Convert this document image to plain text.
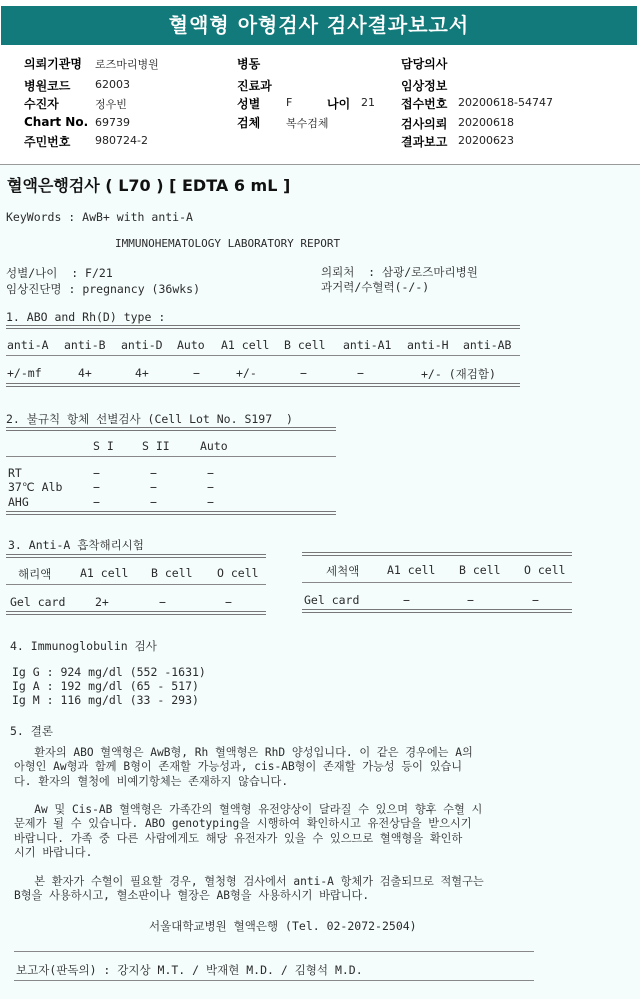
혈액형 아형검사 검사결과보고서
의뢰기관명 로즈마리병원
병원코드 62003
수진자	정우빈
Chart No. 69739
주민번호 980724-2
병동
진료과
성별 F	나이 21
검체 복수검체
담당의사
임상정보
접수번호 20200618-54747
검사의뢰 20200618
결과보고 20200623
혈액은행검사 ( L70 ) [ EDTA 6 mL ]
KeyWords : AwB+ with anti-A
IMMUNOHEMATOLOGY LABORATORY REPORT
성별/나이  : F/21
임상진단명 : pregnancy (36wks)
의뢰처  : 삼광/로즈마리병원
과거력/수혈력(-/-)
1. ABO and Rh(D) type :
anti-A anti-B anti-D Auto A1 cell B cell anti-A1 anti-H anti-AB
+/-mf	4+	4+	−	+/-	−	−	+/- (재검함)
2. 불규칙 항체 선별검사 (Cell Lot No. S197  )
S I S II	Auto
RT	−	−	−
37℃ Alb	−	−	−
AHG	−	−	−
3. Anti-A 흡착해리시험
해리액 A1 cell B cell O cell
Gel card	2+	−	−
세척액 A1 cell B cell O cell
Gel card	−	−	−
4. Immunoglobulin 검사
Ig G : 924 mg/dl (552 -1631)
Ig A : 192 mg/dl (65 - 517)
Ig M : 116 mg/dl (33 - 293)
5. 결론
환자의 ABO 혈액형은 AwB형, Rh 혈액형은 RhD 양성입니다. 이 같은 경우에는 A의
아형인 Aw형과 함께 B형이 존재할 가능성과, cis-AB형이 존재할 가능성 등이 있습니
다. 환자의 혈청에 비예기항체는 존재하지 않습니다.

Aw 및 Cis-AB 혈액형은 가족간의 혈액형 유전양상이 달라질 수 있으며 향후 수혈 시
문제가 될 수 있습니다. ABO genotyping을 시행하여 확인하시고 유전상담을 받으시기
바랍니다. 가족 중 다른 사람에게도 해당 유전자가 있을 수 있으므로 혈액형을 확인하
시기 바랍니다.

본 환자가 수혈이 필요할 경우, 혈청형 검사에서 anti-A 항체가 검출되므로 적혈구는
B형을 사용하시고, 혈소판이나 혈장은 AB형을 사용하시기 바랍니다.
서울대학교병원 혈액은행 (Tel. 02-2072-2504)
보고자(판독의) : 강지상 M.T. / 박재현 M.D. / 김형석 M.D.
